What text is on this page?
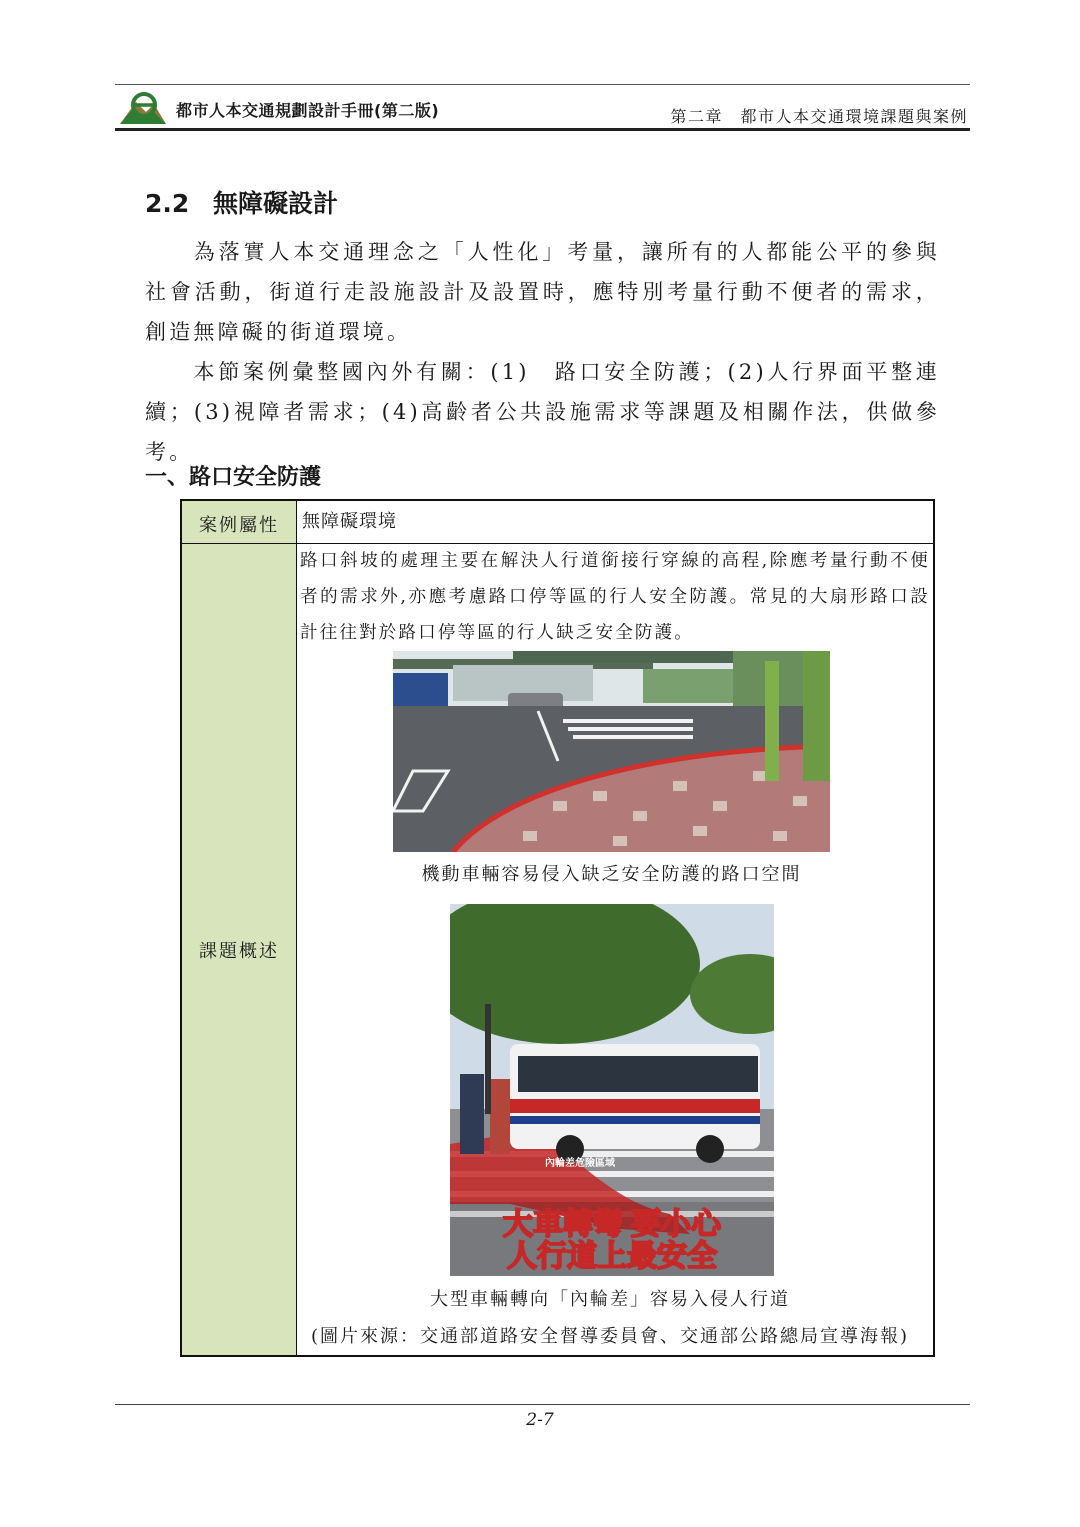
都市人本交通規劃設計手冊(第二版)	第二章　都市人本交通環境課題與案例
2.2 無障礙設計
為落實人本交通理念之「人性化」考量，讓所有的人都能公平的參與社會活動，街道行走設施設計及設置時，應特別考量行動不便者的需求，創造無障礙的街道環境。
本節案例彙整國內外有關：(1)　路口安全防護；(2)人行界面平整連續；(3)視障者需求；(4)高齡者公共設施需求等課題及相關作法，供做參考。
一、路口安全防護
案例屬性	無障礙環境
課題概述
路口斜坡的處理主要在解決人行道銜接行穿線的高程,除應考量行動不便者的需求外,亦應考慮路口停等區的行人安全防護。常見的大扇形路口設計往往對於路口停等區的行人缺乏安全防護。
機動車輛容易侵入缺乏安全防護的路口空間
大車轉彎 要小心
人行道上最安全
內輪差危險區域
大型車輛轉向「內輪差」容易入侵人行道
(圖片來源：交通部道路安全督導委員會、交通部公路總局宣導海報)
2-7
